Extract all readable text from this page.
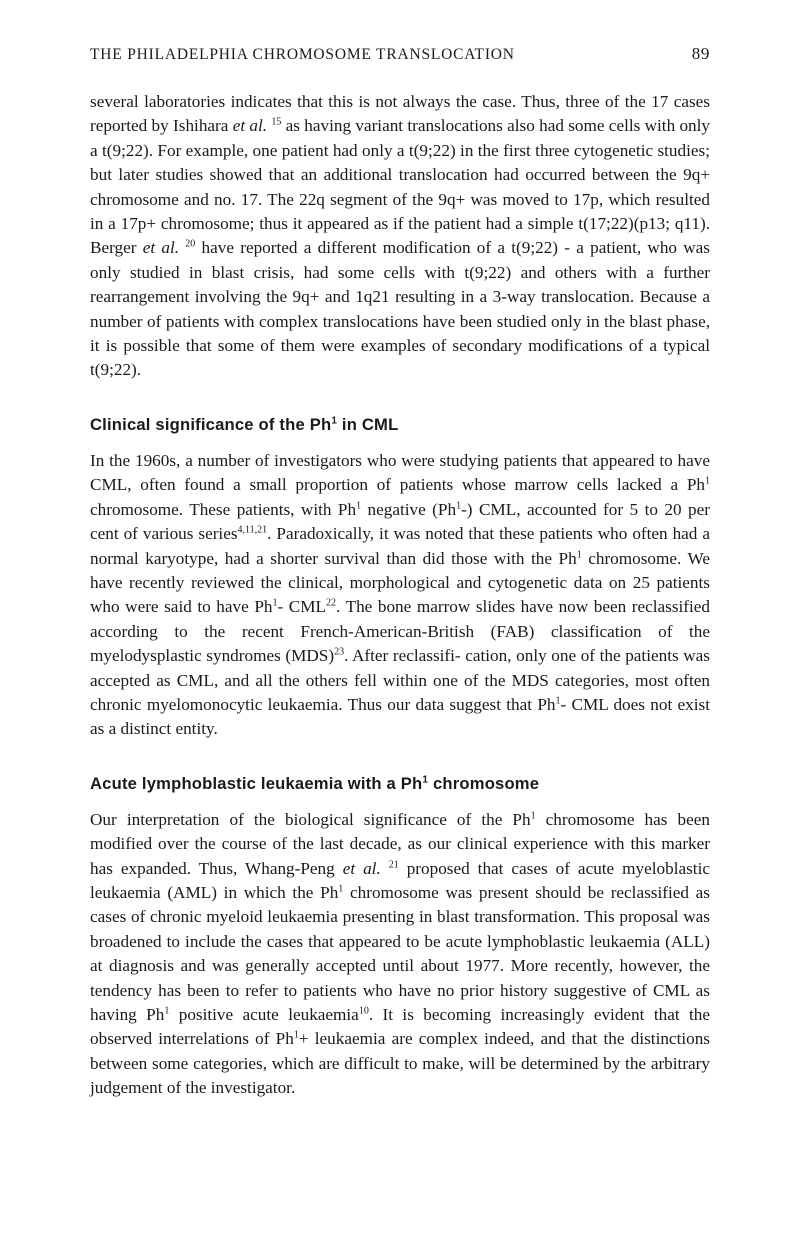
THE PHILADELPHIA CHROMOSOME TRANSLOCATION	89

several laboratories indicates that this is not always the case. Thus, three of the 17 cases reported by Ishihara et al. $^{15}$ as having variant translocations also had some cells with only a t(9;22). For example, one patient had only a t(9;22) in the first three cytogenetic studies; but later studies showed that an additional translocation had occurred between the 9q+ chromosome and no. 17. The 22q segment of the 9q+ was moved to 17p, which resulted in a 17p+ chromosome; thus it appeared as if the patient had a simple t(17;22)(p13; q11). Berger et al. $^{20}$ have reported a different modification of a t(9;22) - a patient, who was only studied in blast crisis, had some cells with t(9;22) and others with a further rearrangement involving the 9q+ and 1q21 resulting in a 3-way translocation. Because a number of patients with complex translocations have been studied only in the blast phase, it is possible that some of them were examples of secondary modifications of a typical t(9;22).

Clinical significance of the Ph$^1$ in CML

In the 1960s, a number of investigators who were studying patients that appeared to have CML, often found a small proportion of patients whose marrow cells lacked a Ph$^1$ chromosome. These patients, with Ph$^1$ negative (Ph$^1$-) CML, accounted for 5 to 20 per cent of various series$^{4,11,21}$. Paradoxically, it was noted that these patients who often had a normal karyotype, had a shorter survival than did those with the Ph$^1$ chromosome. We have recently reviewed the clinical, morphological and cytogenetic data on 25 patients who were said to have Ph$^1$- CML$^{22}$. The bone marrow slides have now been reclassified according to the recent French-American-British (FAB) classification of the myelodysplastic syndromes (MDS)$^{23}$. After reclassifi- cation, only one of the patients was accepted as CML, and all the others fell within one of the MDS categories, most often chronic myelomonocytic leukaemia. Thus our data suggest that Ph$^1$- CML does not exist as a distinct entity.

Acute lymphoblastic leukaemia with a Ph$^1$ chromosome

Our interpretation of the biological significance of the Ph$^1$ chromosome has been modified over the course of the last decade, as our clinical experience with this marker has expanded. Thus, Whang-Peng et al. $^{21}$ proposed that cases of acute myeloblastic leukaemia (AML) in which the Ph$^1$ chromosome was present should be reclassified as cases of chronic myeloid leukaemia presenting in blast transformation. This proposal was broadened to include the cases that appeared to be acute lymphoblastic leukaemia (ALL) at diagnosis and was generally accepted until about 1977. More recently, however, the tendency has been to refer to patients who have no prior history suggestive of CML as having Ph$^1$ positive acute leukaemia$^{10}$. It is becoming increasingly evident that the observed interrelations of $Ph^1+$ leukaemia are complex indeed, and that the distinctions between some categories, which are difficult to make, will be determined by the arbitrary judgement of the investigator.
